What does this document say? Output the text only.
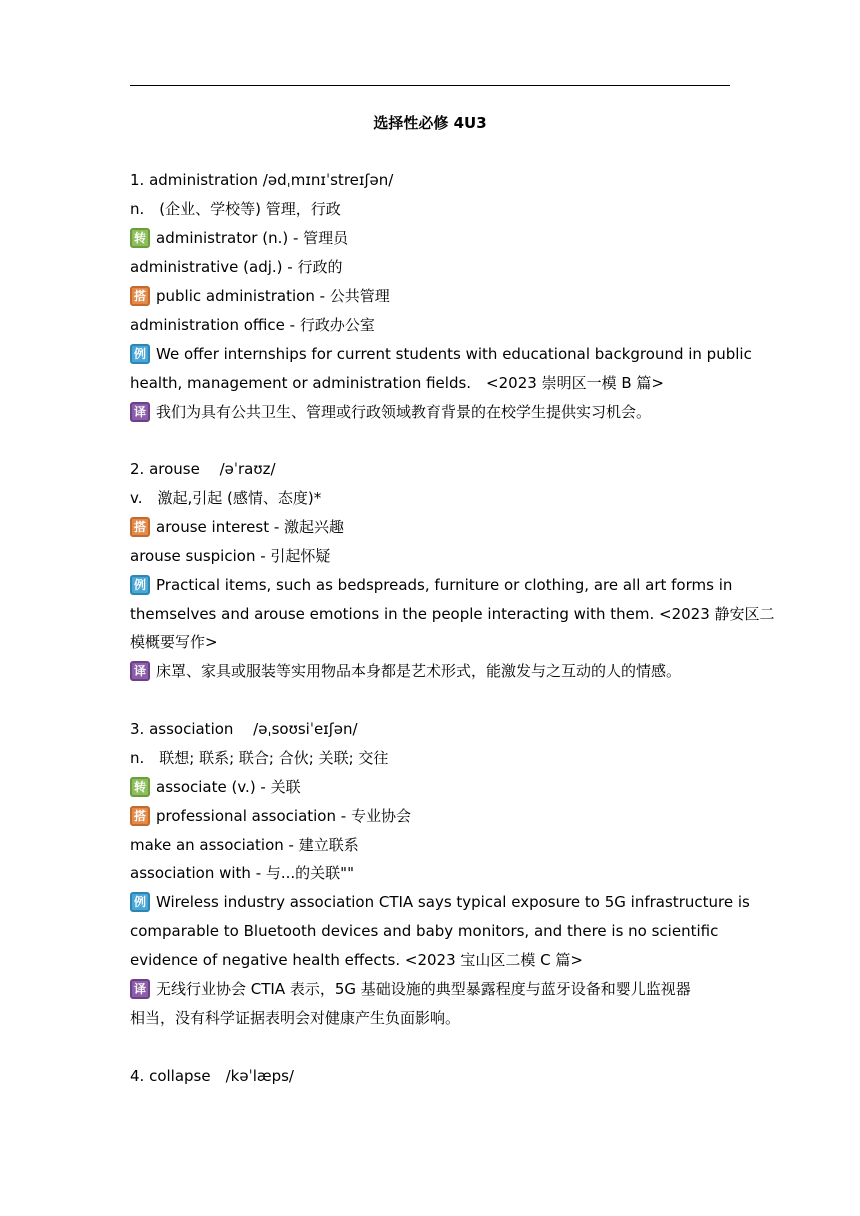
选择性必修 4U3
1. administration /ədˌmɪnɪˈstreɪʃən/
n.　(企业、学校等) 管理，行政
转 administrator (n.) - 管理员
administrative (adj.) - 行政的
搭 public administration - 公共管理
administration office - 行政办公室
例 We offer internships for current students with educational background in public
health, management or administration fields.　<2023 崇明区一模 B 篇>
译 我们为具有公共卫生、管理或行政领域教育背景的在校学生提供实习机会。
2. arouse　 /əˈraʊz/
v.　激起,引起 (感情、态度)*
搭 arouse interest - 激起兴趣
arouse suspicion - 引起怀疑
例 Practical items, such as bedspreads, furniture or clothing, are all art forms in
themselves and arouse emotions in the people interacting with them. <2023 静安区二
模概要写作>
译 床罩、家具或服装等实用物品本身都是艺术形式，能激发与之互动的人的情感。
3. association　 /əˌsoʊsiˈeɪʃən/
n.　联想; 联系; 联合; 合伙; 关联; 交往
转 associate (v.) - 关联
搭 professional association - 专业协会
make an association - 建立联系
association with - 与...的关联""
例 Wireless industry association CTIA says typical exposure to 5G infrastructure is
comparable to Bluetooth devices and baby monitors, and there is no scientific
evidence of negative health effects. <2023 宝山区二模 C 篇>
译 无线行业协会 CTIA 表示，5G 基础设施的典型暴露程度与蓝牙设备和婴儿监视器
相当，没有科学证据表明会对健康产生负面影响。
4. collapse　/kəˈlæps/
